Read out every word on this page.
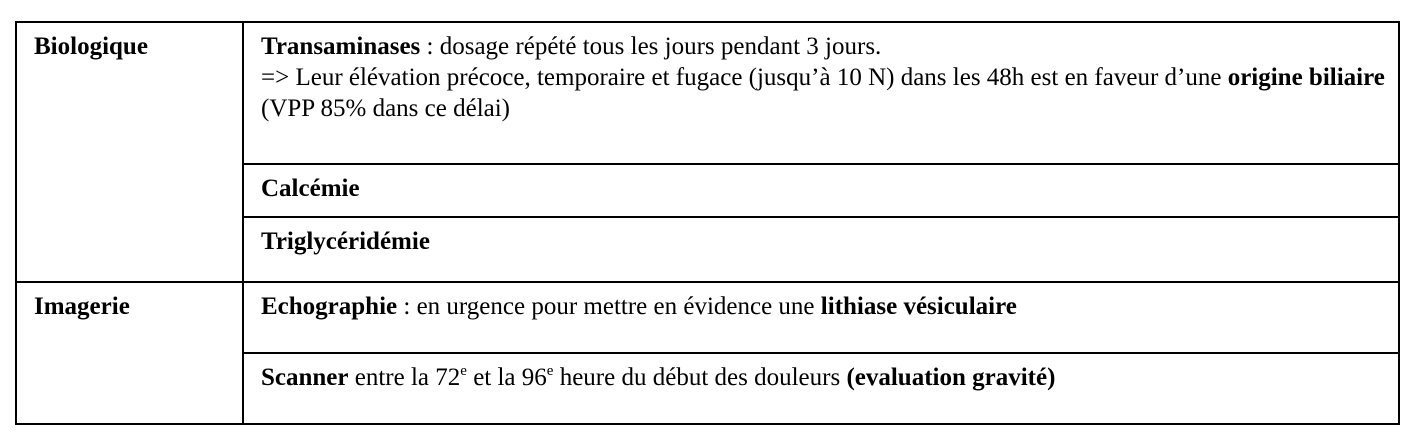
Biologique	Transaminases : dosage répété tous les jours pendant 3 jours.
=> Leur élévation précoce, temporaire et fugace (jusqu’à 10 N) dans les 48h est en faveur d’une origine biliaire (VPP 85% dans ce délai)

	Calcémie

	Triglycéridémie

Imagerie	Echographie : en urgence pour mettre en évidence une lithiase vésiculaire

	Scanner entre la 72e et la 96e heure du début des douleurs (evaluation gravité)
